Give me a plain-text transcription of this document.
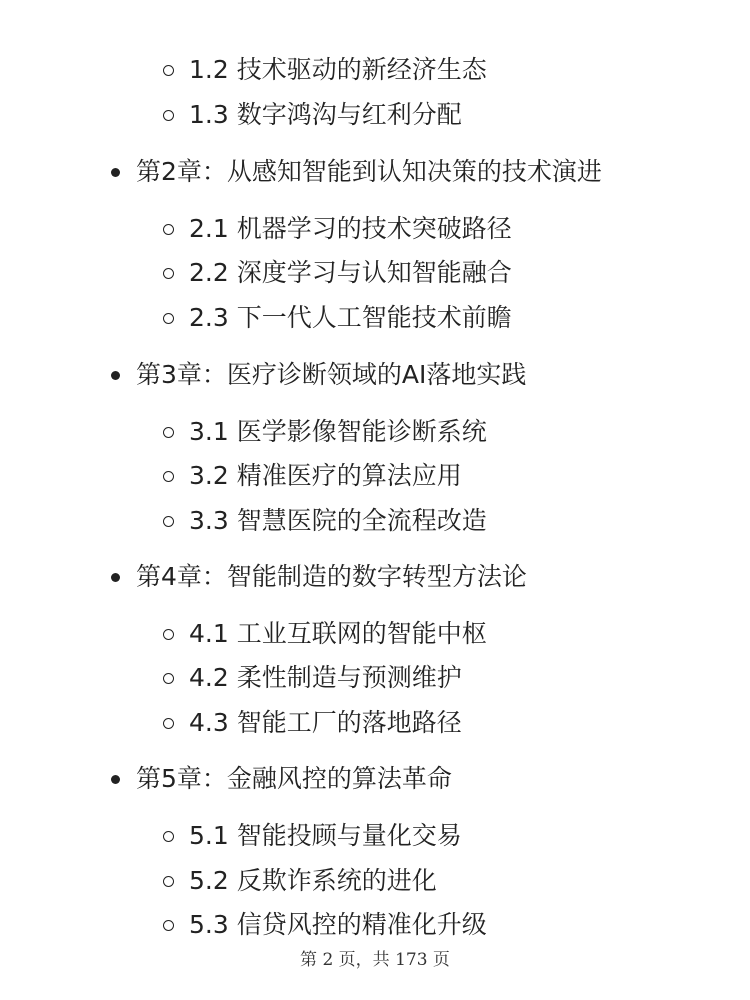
1.2 技术驱动的新经济生态
1.3 数字鸿沟与红利分配
第2章：从感知智能到认知决策的技术演进
2.1 机器学习的技术突破路径
2.2 深度学习与认知智能融合
2.3 下一代人工智能技术前瞻
第3章：医疗诊断领域的AI落地实践
3.1 医学影像智能诊断系统
3.2 精准医疗的算法应用
3.3 智慧医院的全流程改造
第4章：智能制造的数字转型方法论
4.1 工业互联网的智能中枢
4.2 柔性制造与预测维护
4.3 智能工厂的落地路径
第5章：金融风控的算法革命
5.1 智能投顾与量化交易
5.2 反欺诈系统的进化
5.3 信贷风控的精准化升级
第 2 页，共 173 页
